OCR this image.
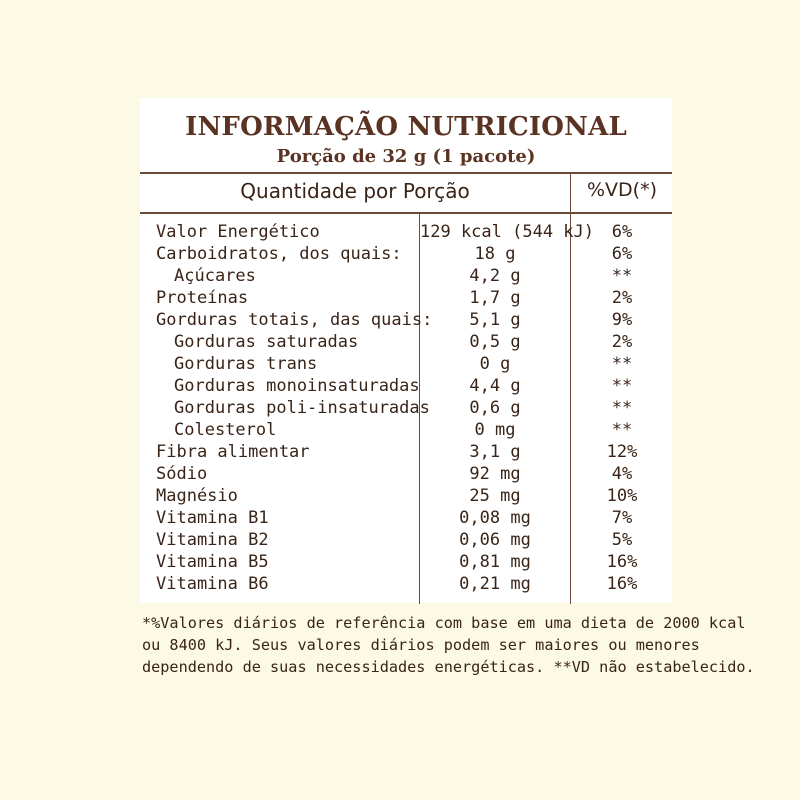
INFORMAÇÃO NUTRICIONAL
Porção de 32 g (1 pacote)
Quantidade por Porção	%VD(*)
Valor Energético	129 kcal (544 kJ)	6%
Carboidratos, dos quais:	18 g	6%
Açúcares	4,2 g	**
Proteínas	1,7 g	2%
Gorduras totais, das quais:	5,1 g	9%
Gorduras saturadas	0,5 g	2%
Gorduras trans	0 g	**
Gorduras monoinsaturadas	4,4 g	**
Gorduras poli-insaturadas	0,6 g	**
Colesterol	0 mg	**
Fibra alimentar	3,1 g	12%
Sódio	92 mg	4%
Magnésio	25 mg	10%
Vitamina B1	0,08 mg	7%
Vitamina B2	0,06 mg	5%
Vitamina B5	0,81 mg	16%
Vitamina B6	0,21 mg	16%
*%Valores diários de referência com base em uma dieta de 2000 kcal
ou 8400 kJ. Seus valores diários podem ser maiores ou menores
dependendo de suas necessidades energéticas. **VD não estabelecido.
